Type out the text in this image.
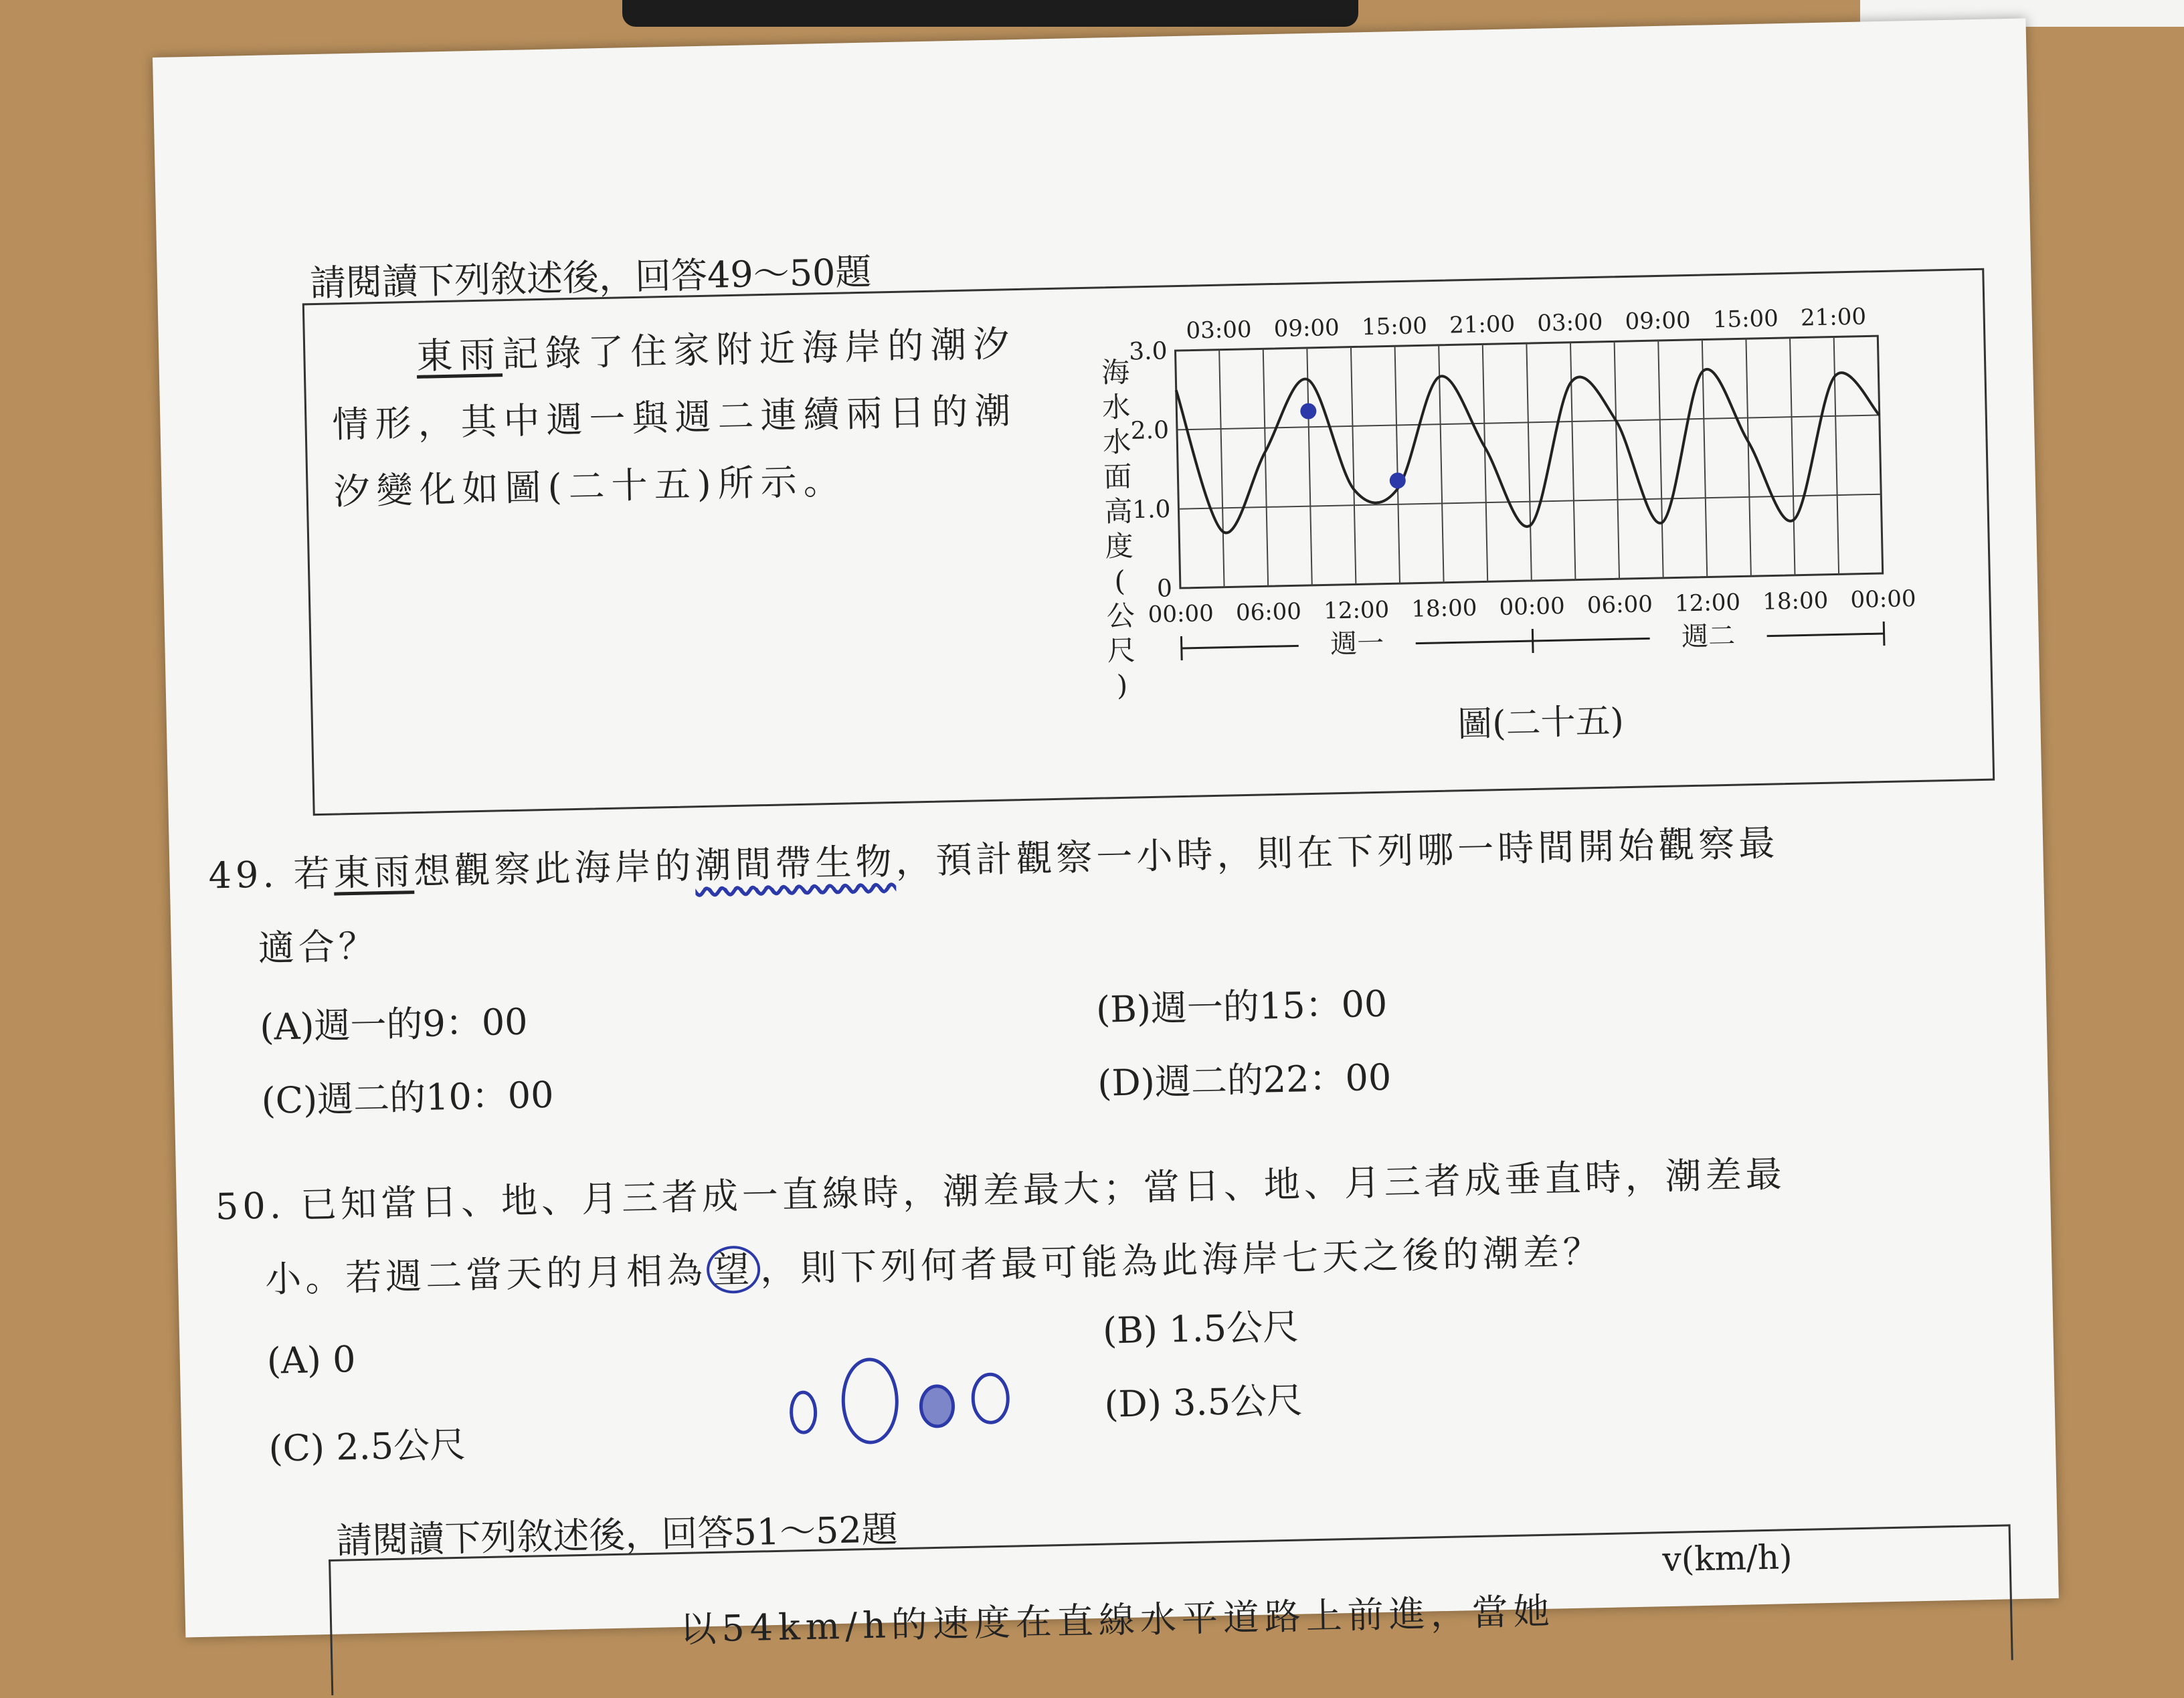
請閱讀下列敘述後，回答49～50題
東雨記錄了住家附近海岸的潮汐情形，其中週一與週二連續兩日的潮汐變化如圖(二十五)所示。
海
水
水
面
高
度
(
公
尺
)
3.0
2.0
1.0
0
03:00 09:00 15:00 21:00 03:00 09:00 15:00 21:00
00:00 06:00 12:00 18:00 00:00 06:00 12:00 18:00 00:00
週一	週二
圖(二十五)
49. 若東雨想觀察此海岸的潮間帶生物，預計觀察一小時，則在下列哪一時間開始觀察最
適合？
(A)週一的9：00	(B)週一的15：00
(C)週二的10：00	(D)週二的22：00
50. 已知當日、地、月三者成一直線時，潮差最大；當日、地、月三者成垂直時，潮差最
小。若週二當天的月相為 望 ，則下列何者最可能為此海岸七天之後的潮差？
(A) 0
(B) 1.5公尺
(C) 2.5公尺
(D) 3.5公尺
請閱讀下列敘述後，回答51～52題
以54km/h的速度在直線水平道路上前進，當她
v(km/h)
